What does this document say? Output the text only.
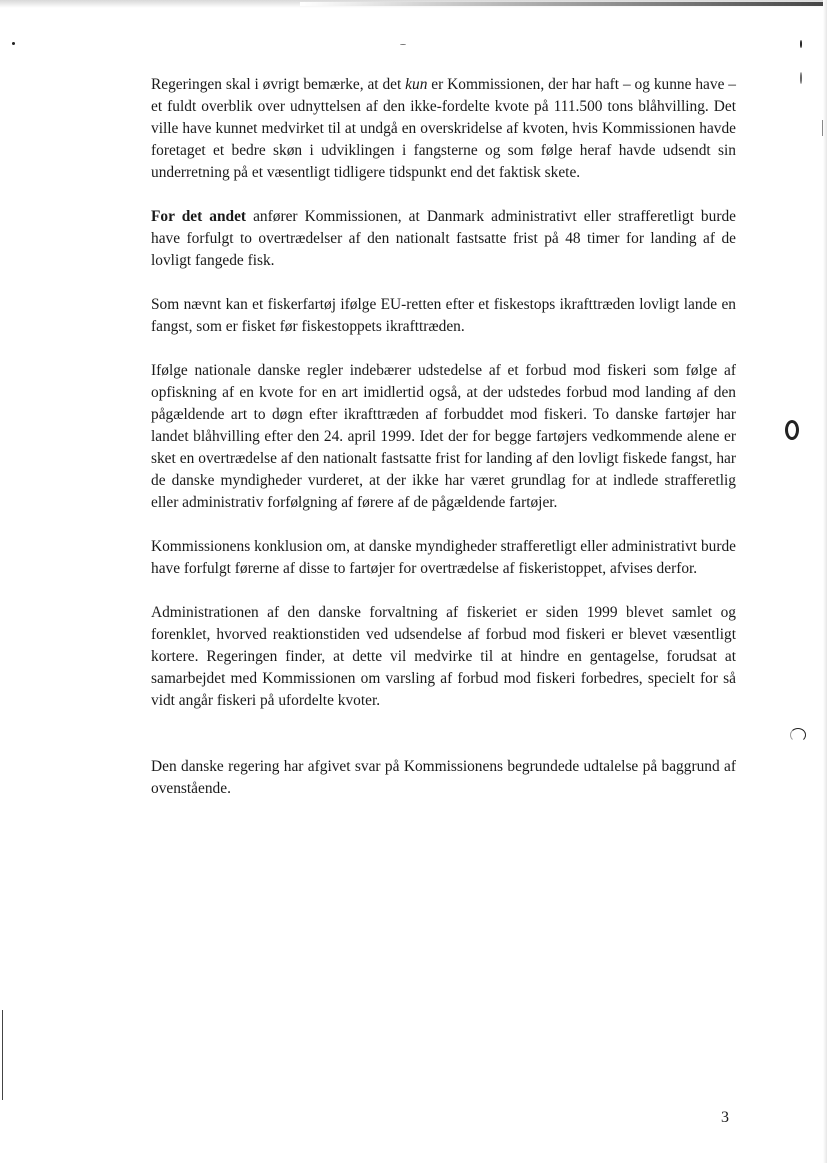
Regeringen skal i øvrigt bemærke, at det kun er Kommissionen, der har haft – og kunne have – et fuldt overblik over udnyttelsen af den ikke-fordelte kvote på 111.500 tons blåhvilling. Det ville have kunnet medvirket til at undgå en overskridelse af kvoten, hvis Kommissionen havde foretaget et bedre skøn i udviklingen i fangsterne og som følge heraf havde udsendt sin underretning på et væsentligt tidligere tidspunkt end det faktisk skete.

For det andet anfører Kommissionen, at Danmark administrativt eller strafferetligt burde have forfulgt to overtrædelser af den nationalt fastsatte frist på 48 timer for landing af de lovligt fangede fisk.

Som nævnt kan et fiskerfartøj ifølge EU-retten efter et fiskestops ikrafttræden lovligt lande en fangst, som er fisket før fiskestoppets ikrafttræden.

Ifølge nationale danske regler indebærer udstedelse af et forbud mod fiskeri som følge af opfiskning af en kvote for en art imidlertid også, at der udstedes forbud mod landing af den pågældende art to døgn efter ikrafttræden af forbuddet mod fiskeri. To danske fartøjer har landet blåhvilling efter den 24. april 1999. Idet der for begge fartøjers vedkommende alene er sket en overtrædelse af den nationalt fastsatte frist for landing af den lovligt fiskede fangst, har de danske myndigheder vurderet, at der ikke har været grundlag for at indlede strafferetlig eller administrativ forfølgning af førere af de pågældende fartøjer.

Kommissionens konklusion om, at danske myndigheder strafferetligt eller administrativt burde have forfulgt førerne af disse to fartøjer for overtrædelse af fiskeristoppet, afvises derfor.

Administrationen af den danske forvaltning af fiskeriet er siden 1999 blevet samlet og forenklet, hvorved reaktionstiden ved udsendelse af forbud mod fiskeri er blevet væsentligt kortere. Regeringen finder, at dette vil medvirke til at hindre en gentagelse, forudsat at samarbejdet med Kommissionen om varsling af forbud mod fiskeri forbedres, specielt for så vidt angår fiskeri på ufordelte kvoter.

Den danske regering har afgivet svar på Kommissionens begrundede udtalelse på baggrund af ovenstående.

3
